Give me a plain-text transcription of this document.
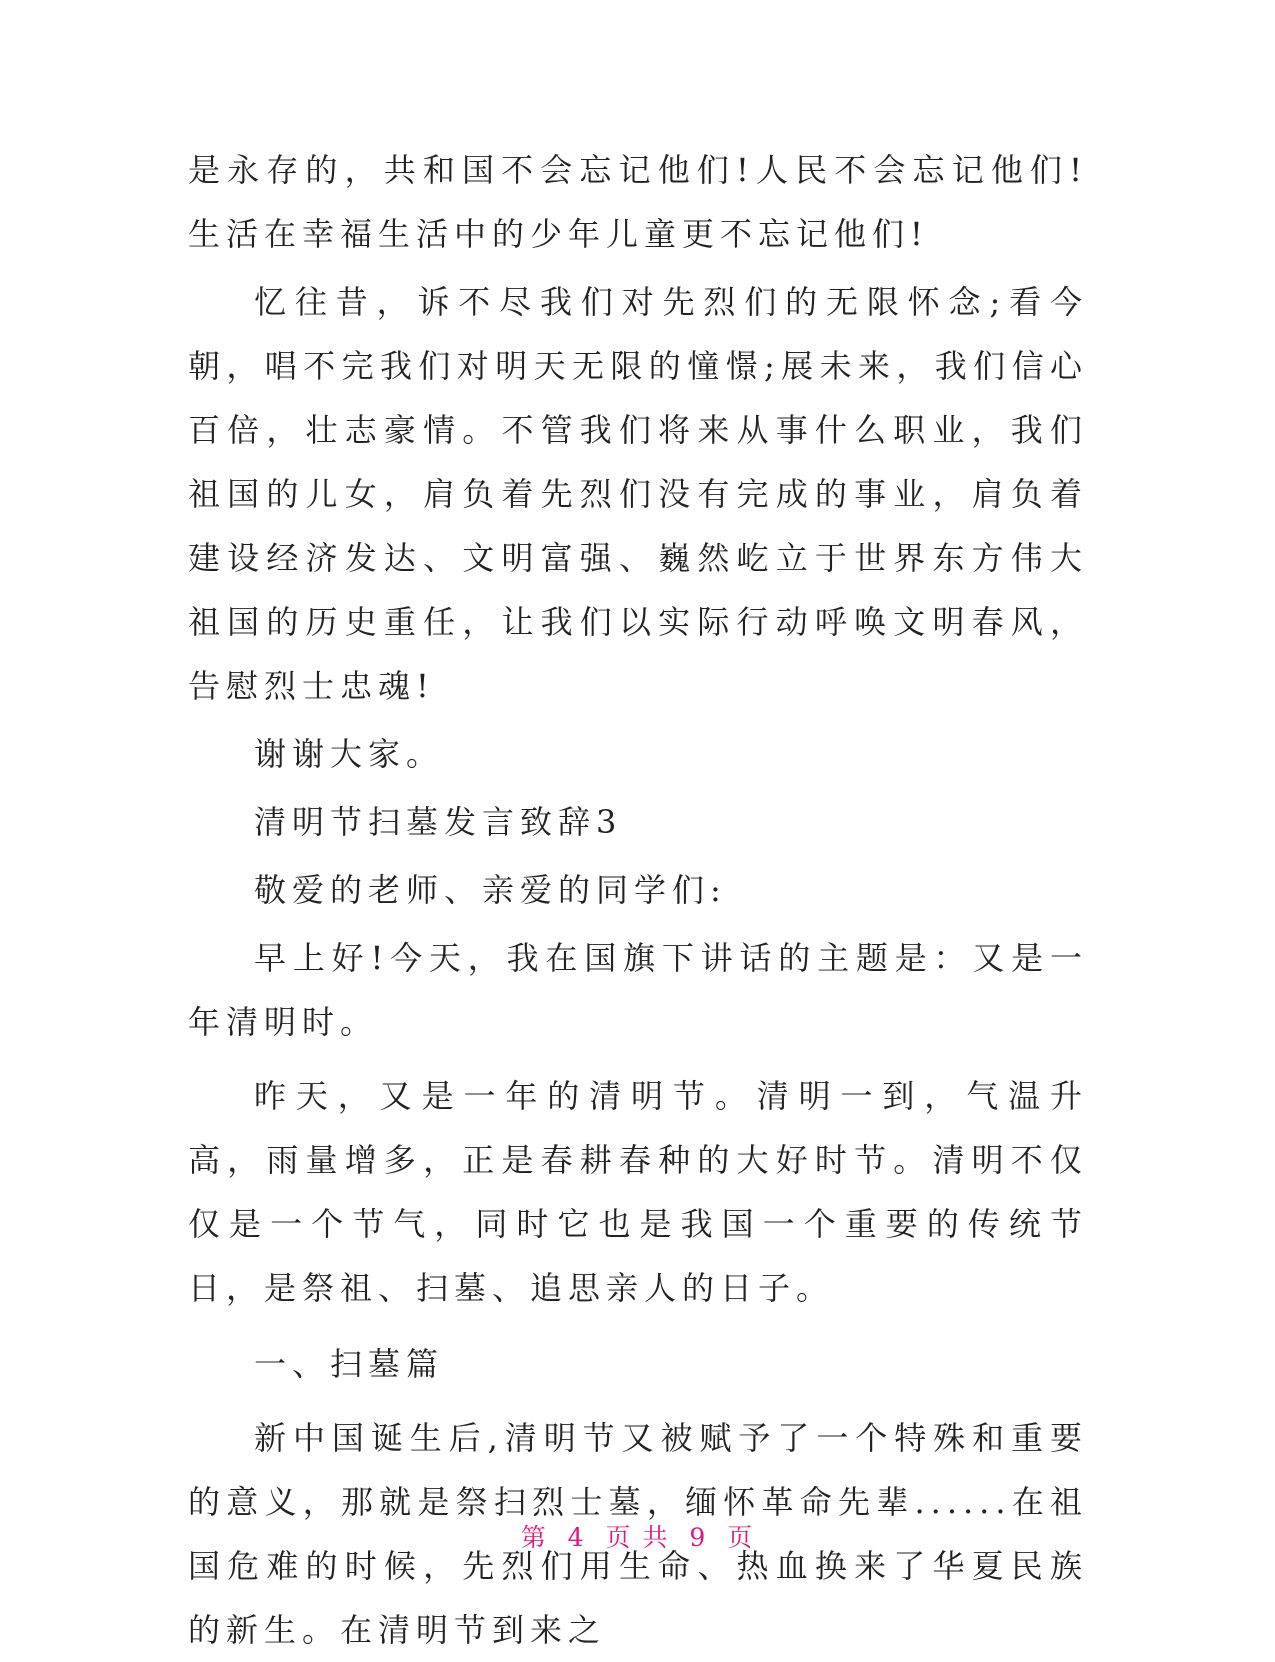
是永存的，共和国不会忘记他们!人民不会忘记他们!生活在幸福生活中的少年儿童更不忘记他们!

忆往昔，诉不尽我们对先烈们的无限怀念;看今朝，唱不完我们对明天无限的憧憬;展未来，我们信心百倍，壮志豪情。不管我们将来从事什么职业，我们祖国的儿女，肩负着先烈们没有完成的事业，肩负着建设经济发达、文明富强、巍然屹立于世界东方伟大祖国的历史重任，让我们以实际行动呼唤文明春风，告慰烈士忠魂!

谢谢大家。

清明节扫墓发言致辞3

敬爱的老师、亲爱的同学们:

早上好!今天，我在国旗下讲话的主题是：又是一年清明时。

昨天，又是一年的清明节。清明一到，气温升高，雨量增多，正是春耕春种的大好时节。清明不仅仅是一个节气，同时它也是我国一个重要的传统节日，是祭祖、扫墓、追思亲人的日子。

一、扫墓篇

新中国诞生后,清明节又被赋予了一个特殊和重要的意义，那就是祭扫烈士墓，缅怀革命先辈......在祖国危难的时候，先烈们用生命、热血换来了华夏民族的新生。在清明节到来之

第 4 页 共 9 页
